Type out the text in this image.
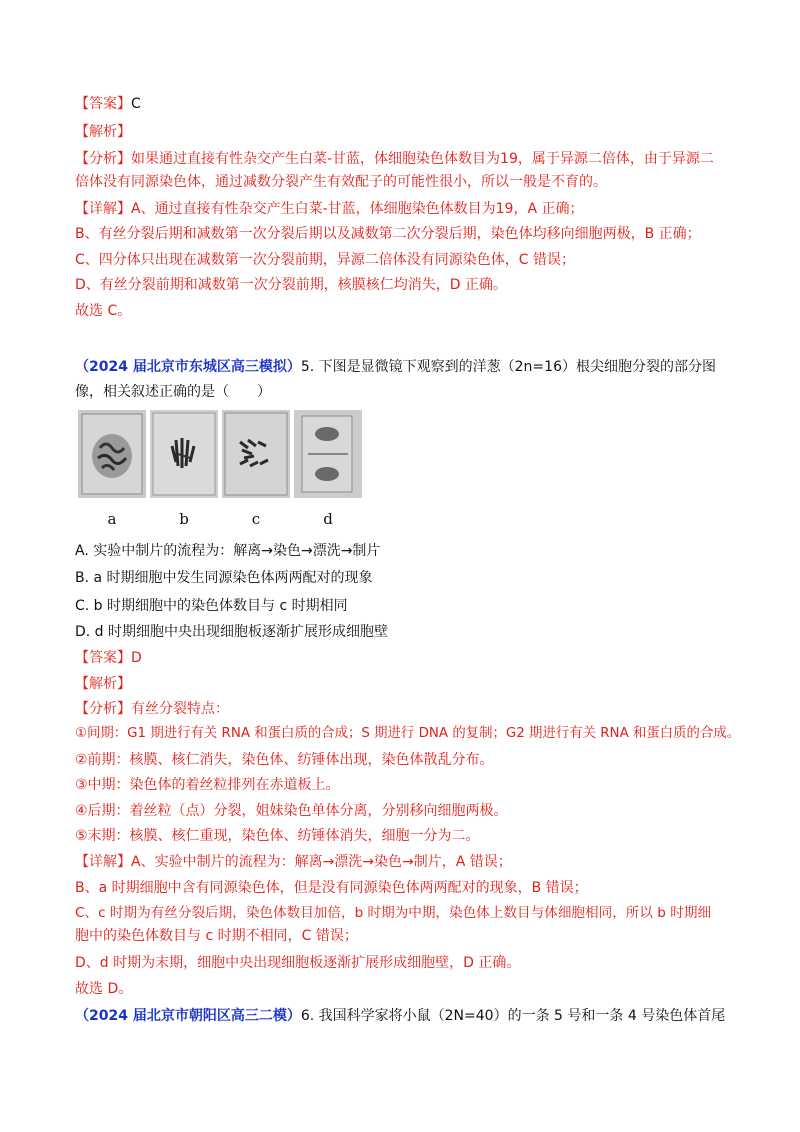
【答案】C
【解析】
【分析】如果通过直接有性杂交产生白菜-甘蓝，体细胞染色体数目为19，属于异源二倍体，由于异源二
倍体没有同源染色体，通过减数分裂产生有效配子的可能性很小，所以一般是不育的。
【详解】A、通过直接有性杂交产生白菜-甘蓝，体细胞染色体数目为19，A 正确；
B、有丝分裂后期和减数第一次分裂后期以及减数第二次分裂后期，染色体均移向细胞两极，B 正确；
C、四分体只出现在减数第一次分裂前期，异源二倍体没有同源染色体，C 错误；
D、有丝分裂前期和减数第一次分裂前期，核膜核仁均消失，D 正确。
故选 C。
（2024 届北京市东城区高三模拟）5. 下图是显微镜下观察到的洋葱（2n=16）根尖细胞分裂的部分图
像，相关叙述正确的是（　　）
a	b	c	d
A. 实验中制片的流程为：解离→染色→漂洗→制片
B. a 时期细胞中发生同源染色体两两配对的现象
C. b 时期细胞中的染色体数目与 c 时期相同
D. d 时期细胞中央出现细胞板逐渐扩展形成细胞壁
【答案】D
【解析】
【分析】有丝分裂特点：
①间期：G1 期进行有关 RNA 和蛋白质的合成；S 期进行 DNA 的复制；G2 期进行有关 RNA 和蛋白质的合成。
②前期：核膜、核仁消失，染色体、纺锤体出现，染色体散乱分布。
③中期：染色体的着丝粒排列在赤道板上。
④后期：着丝粒（点）分裂，姐妹染色单体分离，分别移向细胞两极。
⑤末期：核膜、核仁重现，染色体、纺锤体消失，细胞一分为二。
【详解】A、实验中制片的流程为：解离→漂洗→染色→制片，A 错误；
B、a 时期细胞中含有同源染色体，但是没有同源染色体两两配对的现象，B 错误；
C、c 时期为有丝分裂后期，染色体数目加倍，b 时期为中期，染色体上数目与体细胞相同，所以 b 时期细
胞中的染色体数目与 c 时期不相同，C 错误；
D、d 时期为末期，细胞中央出现细胞板逐渐扩展形成细胞壁，D 正确。
故选 D。
（2024 届北京市朝阳区高三二模）6. 我国科学家将小鼠（2N=40）的一条 5 号和一条 4 号染色体首尾
